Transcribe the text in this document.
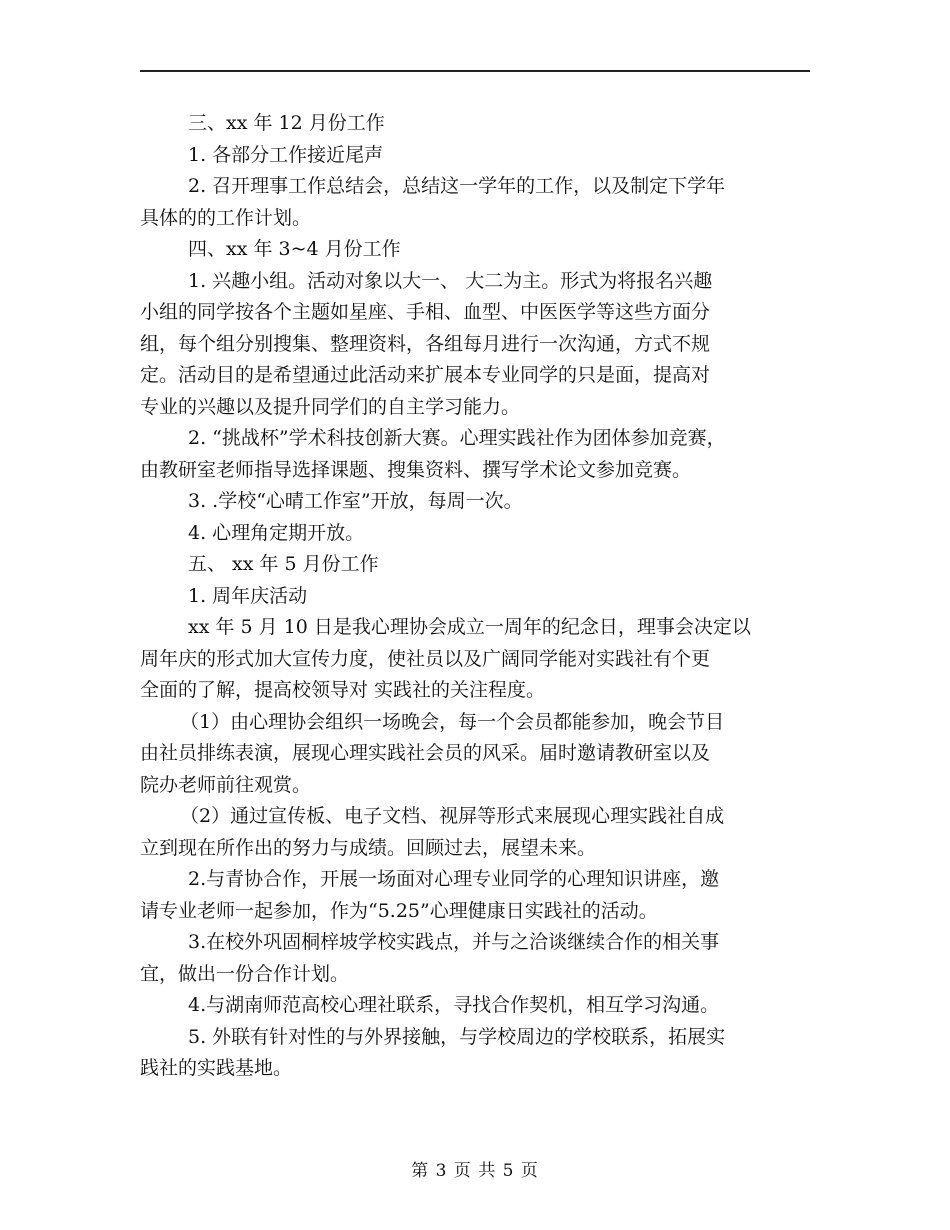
三、xx 年 12 月份工作
1. 各部分工作接近尾声
2. 召开理事工作总结会，总结这一学年的工作，以及制定下学年
具体的的工作计划。
四、xx 年 3~4 月份工作
1. 兴趣小组。活动对象以大一、 大二为主。形式为将报名兴趣
小组的同学按各个主题如星座、手相、血型、中医医学等这些方面分
组，每个组分别搜集、整理资料，各组每月进行一次沟通，方式不规
定。活动目的是希望通过此活动来扩展本专业同学的只是面，提高对
专业的兴趣以及提升同学们的自主学习能力。
2. “挑战杯”学术科技创新大赛。心理实践社作为团体参加竞赛，
由教研室老师指导选择课题、搜集资料、撰写学术论文参加竞赛。
3. .学校“心晴工作室”开放，每周一次。
4. 心理角定期开放。
五、 xx 年 5 月份工作
1. 周年庆活动
xx 年 5 月 10 日是我心理协会成立一周年的纪念日，理事会决定以
周年庆的形式加大宣传力度，使社员以及广阔同学能对实践社有个更
全面的了解，提高校领导对 实践社的关注程度。
（1）由心理协会组织一场晚会，每一个会员都能参加，晚会节目
由社员排练表演，展现心理实践社会员的风采。届时邀请教研室以及
院办老师前往观赏。
（2）通过宣传板、电子文档、视屏等形式来展现心理实践社自成
立到现在所作出的努力与成绩。回顾过去，展望未来。
2.与青协合作，开展一场面对心理专业同学的心理知识讲座，邀
请专业老师一起参加，作为“5.25”心理健康日实践社的活动。
3.在校外巩固桐梓坡学校实践点，并与之洽谈继续合作的相关事
宜，做出一份合作计划。
4.与湖南师范高校心理社联系，寻找合作契机，相互学习沟通。
5. 外联有针对性的与外界接触，与学校周边的学校联系，拓展实
践社的实践基地。
第 3 页 共 5 页
